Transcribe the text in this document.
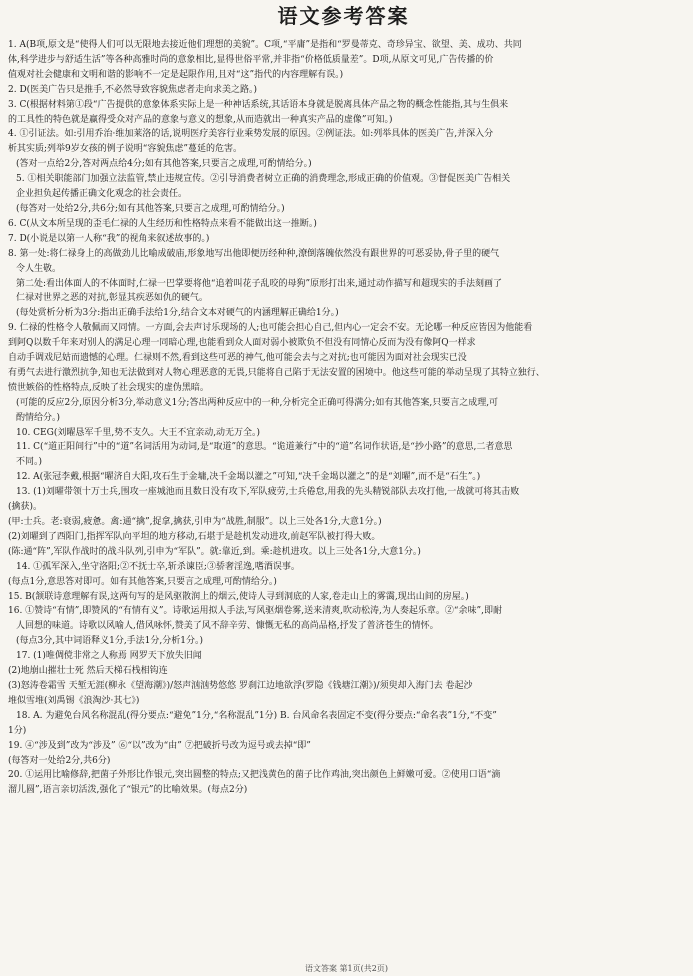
语文参考答案

1. A(B项,原文是“使得人们可以无限地去接近他们理想的美貌”。C项,“平庸”是指和“罗曼蒂克、奇珍异宝、欲望、美、成功、共同

体,科学进步与舒适生活”等各种高雅时尚的意象相比,显得世俗平常,并非指“价格低质量差”。D项,从原文可见,广告传播的价

值观对社会健康和文明和谐的影响不一定是起限作用,且对“这”指代的内容理解有误。)

2. D(医美广告只是推手,不必然导致容貌焦虑者走向求美之路。)

3. C(根据材料第①段“广告提供的意象体系实际上是一种神话系统,其话语本身就是脱离具体产品之物的概念性能指,其与生俱来

的工具性的特色就是赢得受众对产品的意象与意义的想象,从而造就出一种真实产品的虚像”可知。)

4. ①引证法。如:引用乔治·维加莱洛的话,说明医疗美容行业乘势发展的原因。②例证法。如:列举具体的医美广告,并深入分

析其实质;列举9岁女孩的例子说明“容貌焦虑”蔓延的危害。

(答对一点给2分,答对两点给4分;如有其他答案,只要言之成理,可酌情给分。)

5. ①相关职能部门加强立法监管,禁止违规宣传。②引导消费者树立正确的消费理念,形成正确的价值观。③督促医美广告相关

企业担负起传播正确文化观念的社会责任。

(每答对一处给2分,共6分;如有其他答案,只要言之成理,可酌情给分。)

6. C(从文本所呈现的歪毛仁禄的人生经历和性格特点来看不能做出这一推断。)

7. D(小说是以第一人称“我”的视角来叙述故事的。)

8. 第一处:将仁禄身上的高做劲儿比喻成破庙,形象地写出他即便历经种种,潦倒落魄依然没有跟世界的可恶妥协,骨子里的硬气

令人生敬。

第二处:看出体面人的不体面时,仁禄一巴掌要将他“追着叫花子乱咬的母狗”原形打出来,通过动作描写和超现实的手法刻画了

仁禄对世界之恶的对抗,彰显其疾恶如仇的硬气。

(每处赏析分析为3分:指出正确手法给1分,结合文本对硬气的内涵理解正确给1分。)

9. 仁禄的性格令人敬佩而又同情。一方面,会去声讨乐现场的人;也可能会担心自己,但内心一定会不安。无论哪一种反应皆因为他能看

到阿Q以数千年来对别人的满足心理一同暗心理,也能看到众人面对弱小被欺负不但没有同情心反而为没有像阿Q一样求

自动手调戏尼姑而遗憾的心理。仁禄则不然,看到这些可恶的神气,他可能会去与之对抗;也可能因为面对社会现实已没

有勇气去进行激烈抗争,知也无法做到对人物心理恶意的无畏,只能将自己陷于无法安置的困境中。他这些可能的举动呈现了其特立独行、

愤世嫉俗的性格特点,反映了社会现实的虚伪黑暗。

(可能的反应2分,原因分析3分,举动意义1分;答出两种反应中的一种,分析完全正确可得满分;如有其他答案,只要言之成理,可

酌情给分。)

10. CEG(刘曜恳军千里,势不支久。大王不宜亲动,动无万全。)

11. C(“道正阳间行”中的“道”名词活用为动词,是“取道”的意思。“诡道兼行”中的“道”名词作状语,是“抄小路”的意思,二者意思

不同。)

12. A(张冠李戴,根据“曜济自大阳,攻石生于金墉,决千金堨以灌之”可知,“决千金堨以灌之”的是“刘曜”,而不是“石生”。)

13. (1)刘曜带领十万士兵,围攻一座城池而且数日没有攻下,军队疲劳,士兵倦怠,用我的先头精锐部队去攻打他,一战就可将其击败

(擒获)。

(甲:士兵。老:衰弱,疲惫。禽:通“擒”,捉拿,擒获,引申为“战胜,制服”。以上三处各1分,大意1分。)

(2)刘曜到了西阳门,指挥军队向平坦的地方移动,石堪于是趁机发动进攻,前赵军队被打得大败。

(陈:通“阵”,军队作战时的战斗队列,引申为“军队”。就:靠近,到。乘:趁机进攻。以上三处各1分,大意1分。)

14. ①孤军深入,坐守洛阳;②不抚士卒,斩杀谏臣;③骄奢淫逸,嗜酒误事。

(每点1分,意思答对即可。如有其他答案,只要言之成理,可酌情给分。)

15. B(颔联诗意理解有误,这两句写的是风驱散润上的烟云,使诗人寻到洞底的人家,卷走山上的雾霭,现出山间的房屋。)

16. ①赞诗“有情”,即赞风的“有情有义”。诗歌运用拟人手法,写风驱烟卷雾,送来清爽,吹动松涛,为人奏起乐章。②“余味”,即耐

人回想的味道。诗歌以风喻人,借风咏怀,赞美了风不辞辛劳、慷慨无私的高尚品格,抒发了普济苍生的情怀。

(每点3分,其中词语释义1分,手法1分,分析1分。)

17. (1)唯倜傥非常之人称焉 网罗天下放失旧闻

(2)地崩山摧壮士死 然后天梯石栈相钩连

(3)怒涛卷霜雪 天堑无涯(柳永《望海潮》)/怒声汹汹势悠悠 罗刹江边地欲浮(罗隐《钱塘江潮》)/须臾却入海门去 卷起沙

堆似雪堆(刘禹锡《浪淘沙·其七》)

18. A. 为避免台风名称混乱(得分要点:“避免”1分,“名称混乱”1分) B. 台风命名表固定不变(得分要点:“命名表”1分,“不变”

1分)

19. ④“涉及到”改为“涉及” ⑥“以”改为“由” ⑦把破折号改为逗号或去掉“即”

(每答对一处给2分,共6分)

20. ①运用比喻修辞,把菌子外形比作银元,突出圆整的特点;又把浅黄色的菌子比作鸡油,突出颜色上鲜嫩可爱。②使用口语“滴

溜儿圆”,语言亲切活泼,强化了“银元”的比喻效果。(每点2分)

语文答案 第1页(共2页)
